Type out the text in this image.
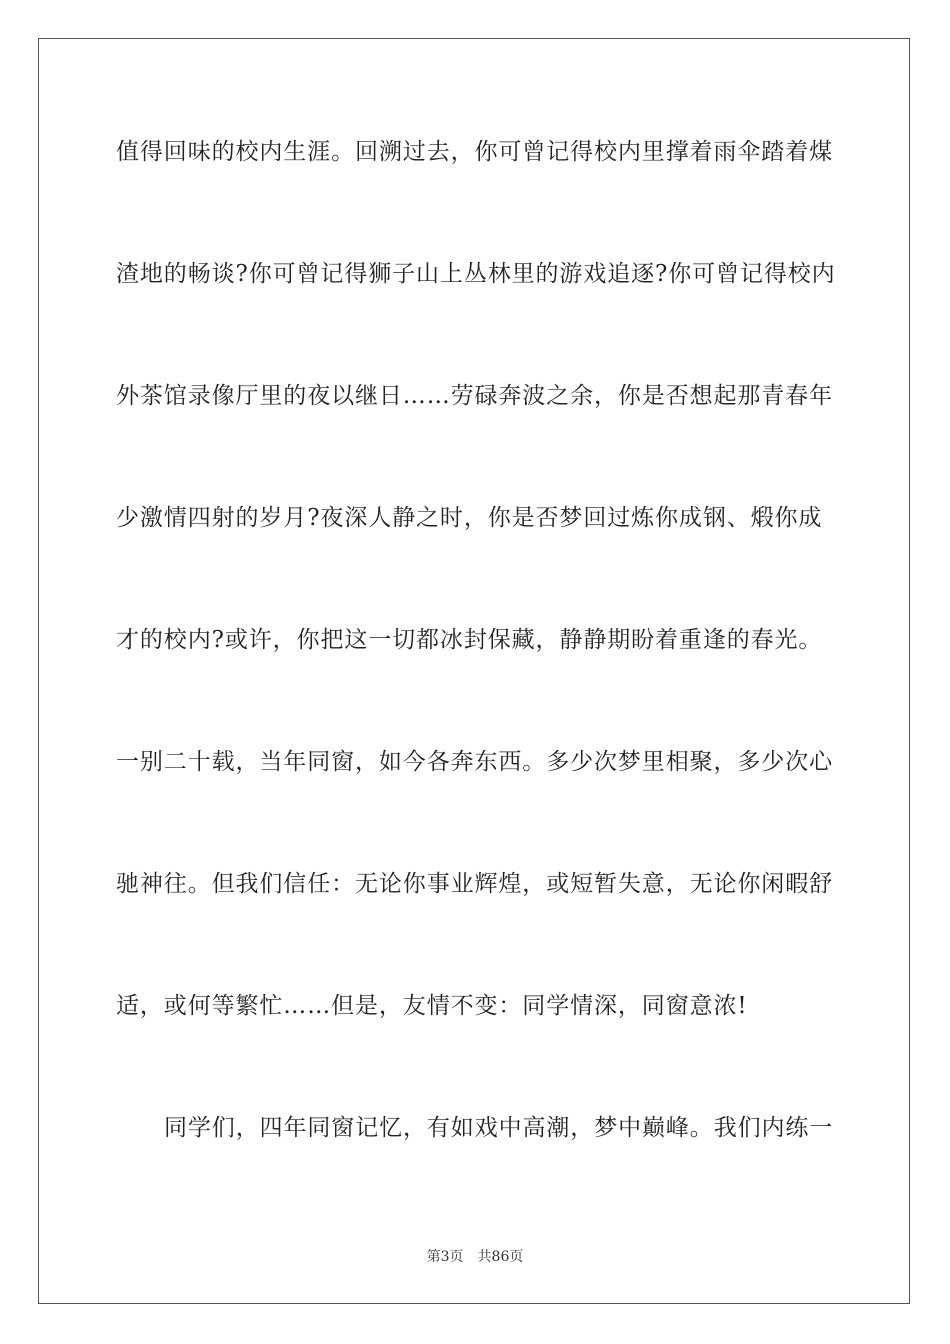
值得回味的校内生涯。回溯过去，你可曾记得校内里撑着雨伞踏着煤
渣地的畅谈?你可曾记得狮子山上丛林里的游戏追逐?你可曾记得校内
外茶馆录像厅里的夜以继日……劳碌奔波之余，你是否想起那青春年
少激情四射的岁月?夜深人静之时，你是否梦回过炼你成钢、煅你成
才的校内?或许，你把这一切都冰封保藏，静静期盼着重逢的春光。
一别二十载，当年同窗，如今各奔东西。多少次梦里相聚，多少次心
驰神往。但我们信任：无论你事业辉煌，或短暂失意，无论你闲暇舒
适，或何等繁忙……但是，友情不变：同学情深，同窗意浓!
同学们，四年同窗记忆，有如戏中高潮，梦中巅峰。我们内练一
第3页 共86页
